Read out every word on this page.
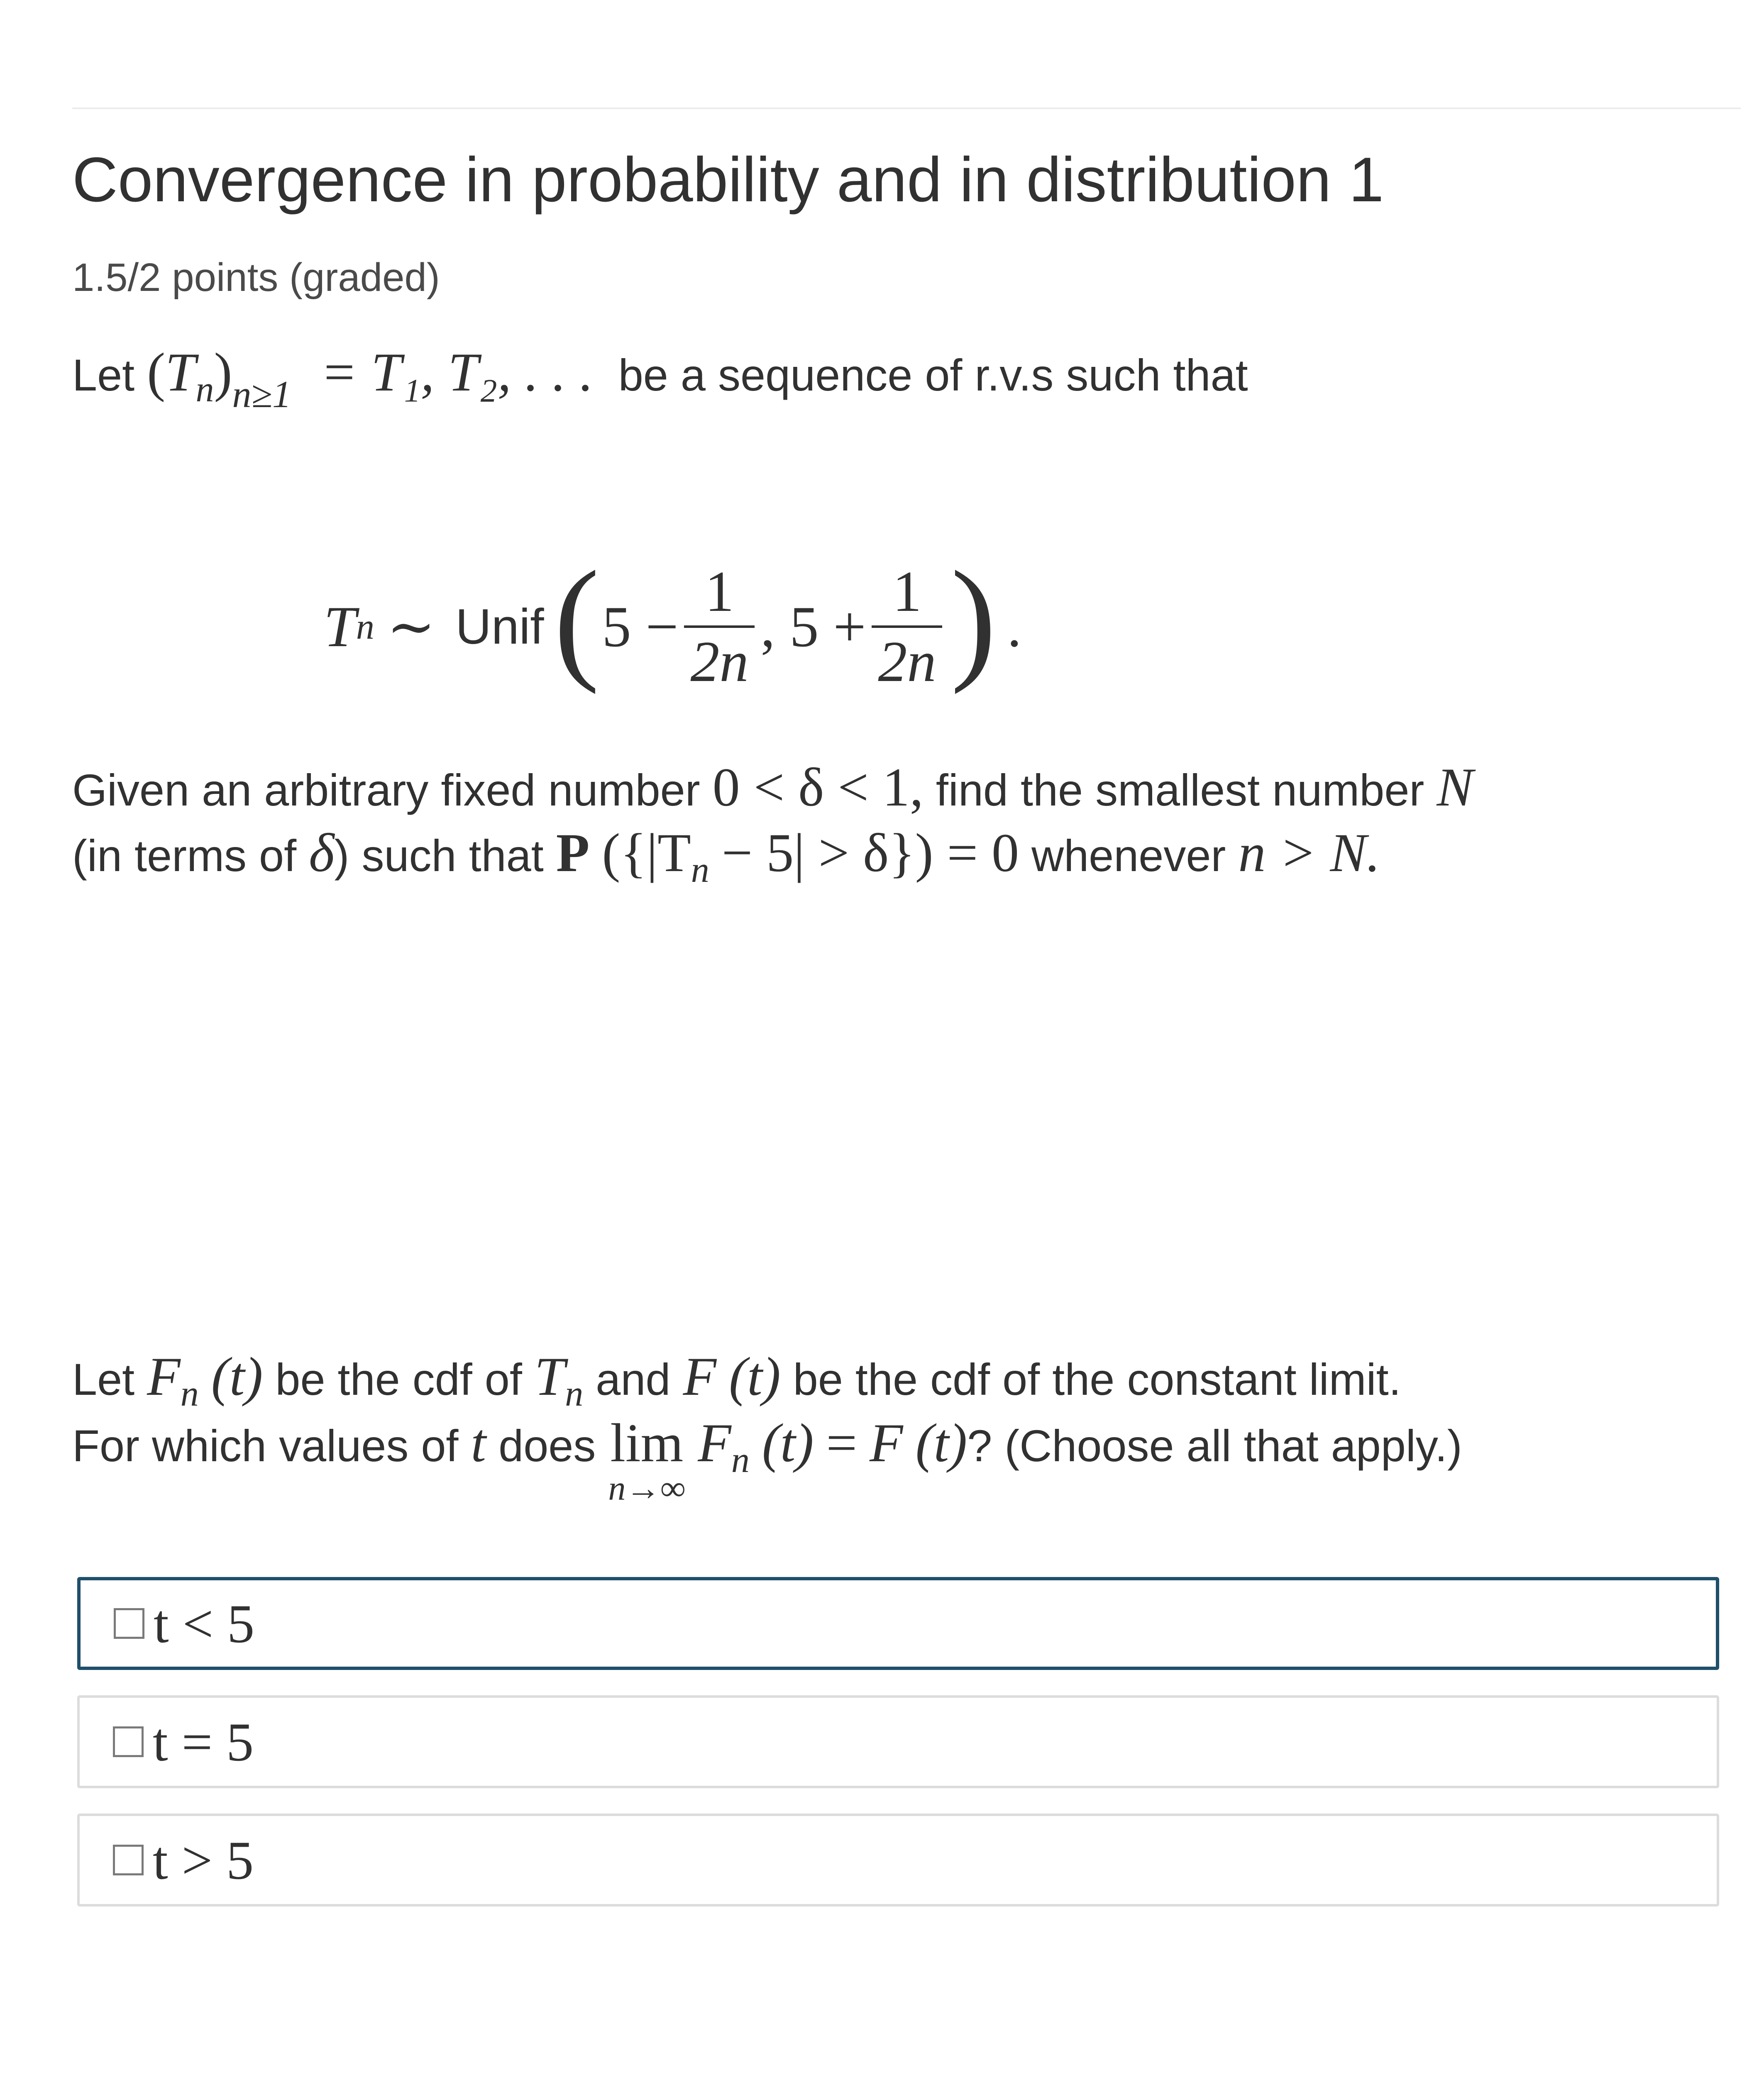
Convergence in probability and in distribution 1
1.5/2 points (graded)
Let $(T_n)n\ge 1 = T_1$, T₂, . . . be a sequence of r.v.s such that
T n ∼ Unif ( 5 −
1
2n
, 5 +
1
2n ) .
Given an arbitrary fixed number 0 < δ < 1, find the smallest number N
(in terms of δ) such that P $(\{|T_n - 5| > \delta\}) = 0$ whenever n > N.
Let $F_n$ (t) be the cdf of $T_n$ and F (t) be the cdf of the constant limit.
For which values of t does lim
n→∞
$F_n$ (t) = F (t)? (Choose all that apply.)
t < 5
t = 5
t > 5
